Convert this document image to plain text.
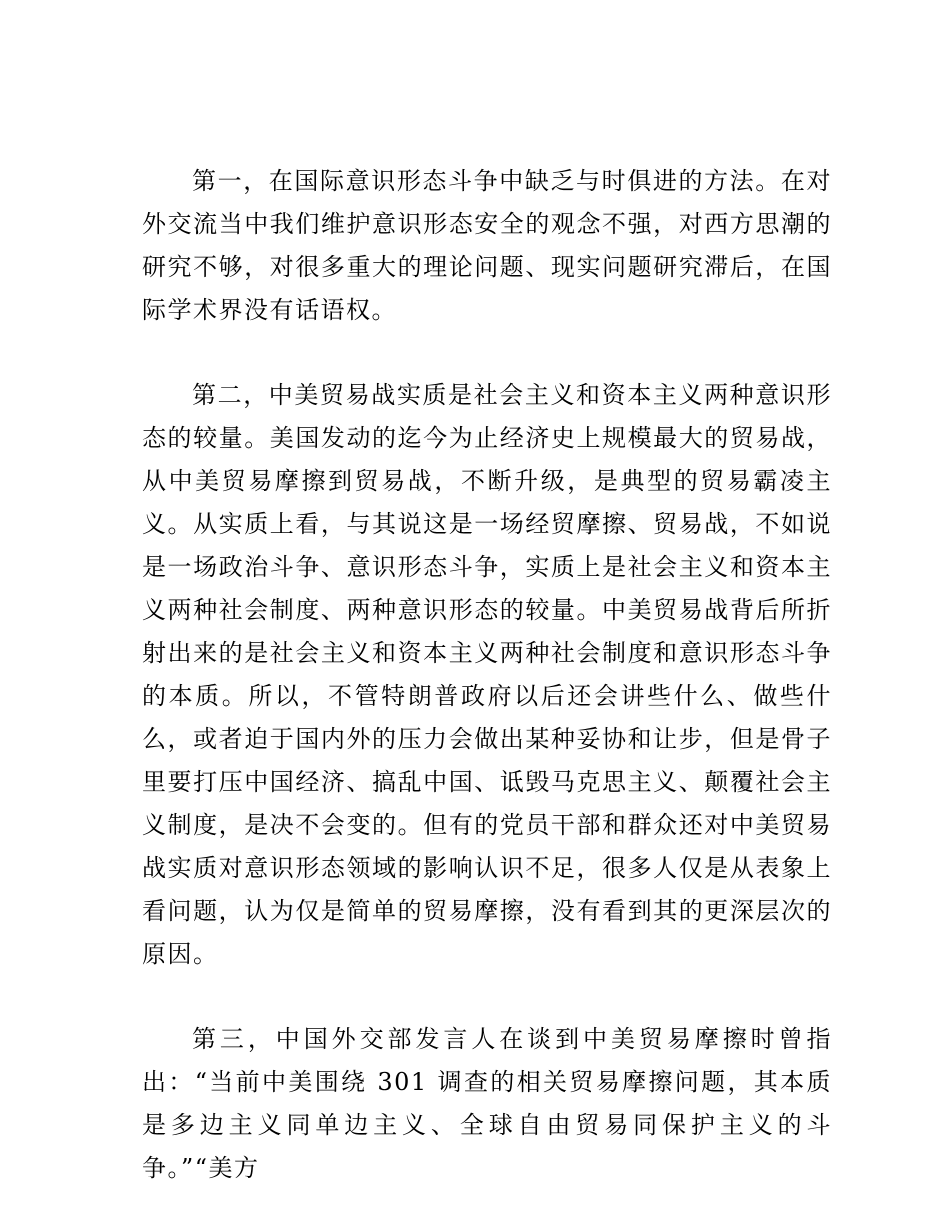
第一，在国际意识形态斗争中缺乏与时俱进的方法。在对外交流当中我们维护意识形态安全的观念不强，对西方思潮的研究不够，对很多重大的理论问题、现实问题研究滞后，在国际学术界没有话语权。

第二，中美贸易战实质是社会主义和资本主义两种意识形态的较量。美国发动的迄今为止经济史上规模最大的贸易战，从中美贸易摩擦到贸易战，不断升级，是典型的贸易霸凌主义。从实质上看，与其说这是一场经贸摩擦、贸易战，不如说是一场政治斗争、意识形态斗争，实质上是社会主义和资本主义两种社会制度、两种意识形态的较量。中美贸易战背后所折射出来的是社会主义和资本主义两种社会制度和意识形态斗争的本质。所以，不管特朗普政府以后还会讲些什么、做些什么，或者迫于国内外的压力会做出某种妥协和让步，但是骨子里要打压中国经济、搞乱中国、诋毁马克思主义、颠覆社会主义制度，是决不会变的。但有的党员干部和群众还对中美贸易战实质对意识形态领域的影响认识不足，很多人仅是从表象上看问题，认为仅是简单的贸易摩擦，没有看到其的更深层次的原因。

第三，中国外交部发言人在谈到中美贸易摩擦时曾指出：“当前中美围绕 301 调查的相关贸易摩擦问题，其本质是多边主义同单边主义、全球自由贸易同保护主义的斗争。”“美方
